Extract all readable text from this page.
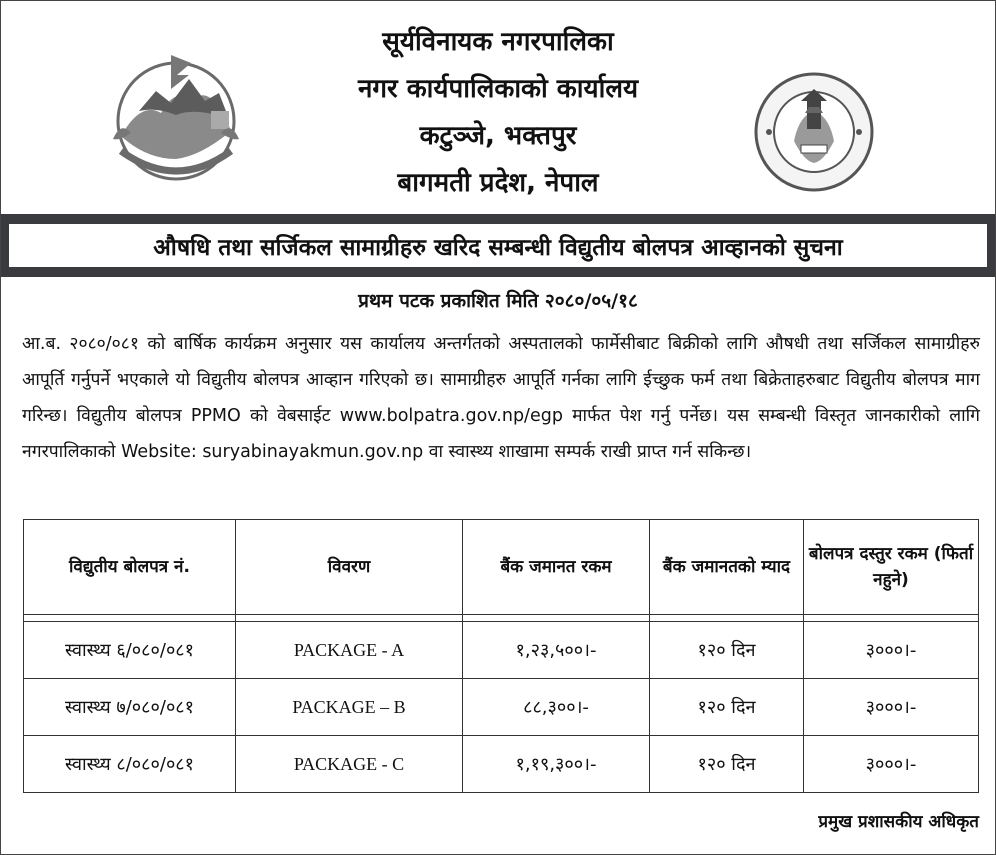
सूर्यविनायक नगरपालिका
नगर कार्यपालिकाको कार्यालय
कटुञ्जे, भक्तपुर
बागमती प्रदेश, नेपाल
औषधि तथा सर्जिकल सामाग्रीहरु खरिद सम्बन्धी विद्युतीय बोलपत्र आव्हानको सुचना
प्रथम पटक प्रकाशित मिति २०८०/०५/१८
आ.ब. २०८०/०८१ को बार्षिक कार्यक्रम अनुसार यस कार्यालय अन्तर्गतको अस्पतालको फार्मेसीबाट बिक्रीको लागि औषधी तथा सर्जिकल सामाग्रीहरु आपूर्ति गर्नुपर्ने भएकाले यो विद्युतीय बोलपत्र आव्हान गरिएको छ। सामाग्रीहरु आपूर्ति गर्नका लागि ईच्छुक फर्म तथा बिक्रेताहरुबाट विद्युतीय बोलपत्र माग गरिन्छ। विद्युतीय बोलपत्र PPMO को वेबसाईट www.bolpatra.gov.np/egp मार्फत पेश गर्नु पर्नेछ। यस सम्बन्धी विस्तृत जानकारीको लागि नगरपालिकाको Website: suryabinayakmun.gov.np वा स्वास्थ्य शाखामा सम्पर्क राखी प्राप्त गर्न सकिन्छ।
विद्युतीय बोलपत्र नं.	विवरण	बैंक जमानत रकम	बैंक जमानतको म्याद	बोलपत्र दस्तुर रकम (फिर्ता नहुने)

स्वास्थ्य ६/०८०/०८१	PACKAGE - A	१,२३,५००।-	१२० दिन	३०००।-
स्वास्थ्य ७/०८०/०८१	PACKAGE – B	८८,३००।-	१२० दिन	३०००।-
स्वास्थ्य ८/०८०/०८१	PACKAGE - C	१,१९,३००।-	१२० दिन	३०००।-
प्रमुख प्रशासकीय अधिकृत
